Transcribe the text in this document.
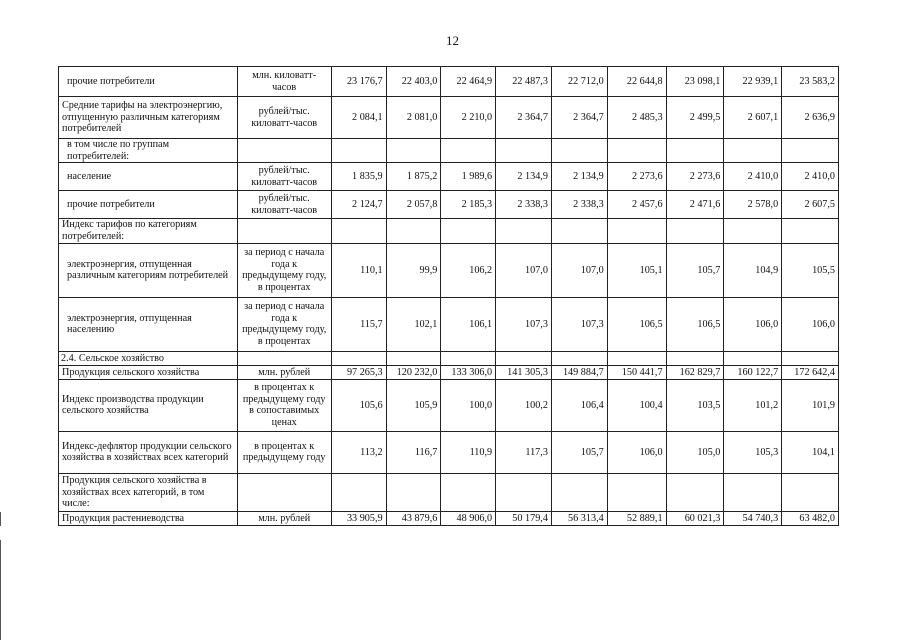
12
прочие потребители	млн. киловатт-часов	23 176,7	22 403,0	22 464,9	22 487,3	22 712,0	22 644,8	23 098,1	22 939,1	23 583,2
Средние тарифы на электроэнергию, отпущенную различным категориям потребителей	рублей/тыс. киловатт-часов	2 084,1	2 081,0	2 210,0	2 364,7	2 364,7	2 485,3	2 499,5	2 607,1	2 636,9
в том числе по группам потребителей:										
население	рублей/тыс. киловатт-часов	1 835,9	1 875,2	1 989,6	2 134,9	2 134,9	2 273,6	2 273,6	2 410,0	2 410,0
прочие потребители	рублей/тыс. киловатт-часов	2 124,7	2 057,8	2 185,3	2 338,3	2 338,3	2 457,6	2 471,6	2 578,0	2 607,5
Индекс тарифов по категориям потребителей:										
электроэнергия, отпущенная различным категориям потребителей	за период с начала года к предыдущему году, в процентах	110,1	99,9	106,2	107,0	107,0	105,1	105,7	104,9	105,5
электроэнергия, отпущенная населению	за период с начала года к предыдущему году, в процентах	115,7	102,1	106,1	107,3	107,3	106,5	106,5	106,0	106,0
2.4. Сельское хозяйство										
Продукция сельского хозяйства	млн. рублей	97 265,3	120 232,0	133 306,0	141 305,3	149 884,7	150 441,7	162 829,7	160 122,7	172 642,4
Индекс производства продукции сельского хозяйства	в процентах к предыдущему году в сопоставимых ценах	105,6	105,9	100,0	100,2	106,4	100,4	103,5	101,2	101,9
Индекс-дефлятор продукции сельского хозяйства в хозяйствах всех категорий	в процентах к предыдущему году	113,2	116,7	110,9	117,3	105,7	106,0	105,0	105,3	104,1
Продукция сельского хозяйства в хозяйствах всех категорий, в том числе:										
Продукция растениеводства	млн. рублей	33 905,9	43 879,6	48 906,0	50 179,4	56 313,4	52 889,1	60 021,3	54 740,3	63 482,0
